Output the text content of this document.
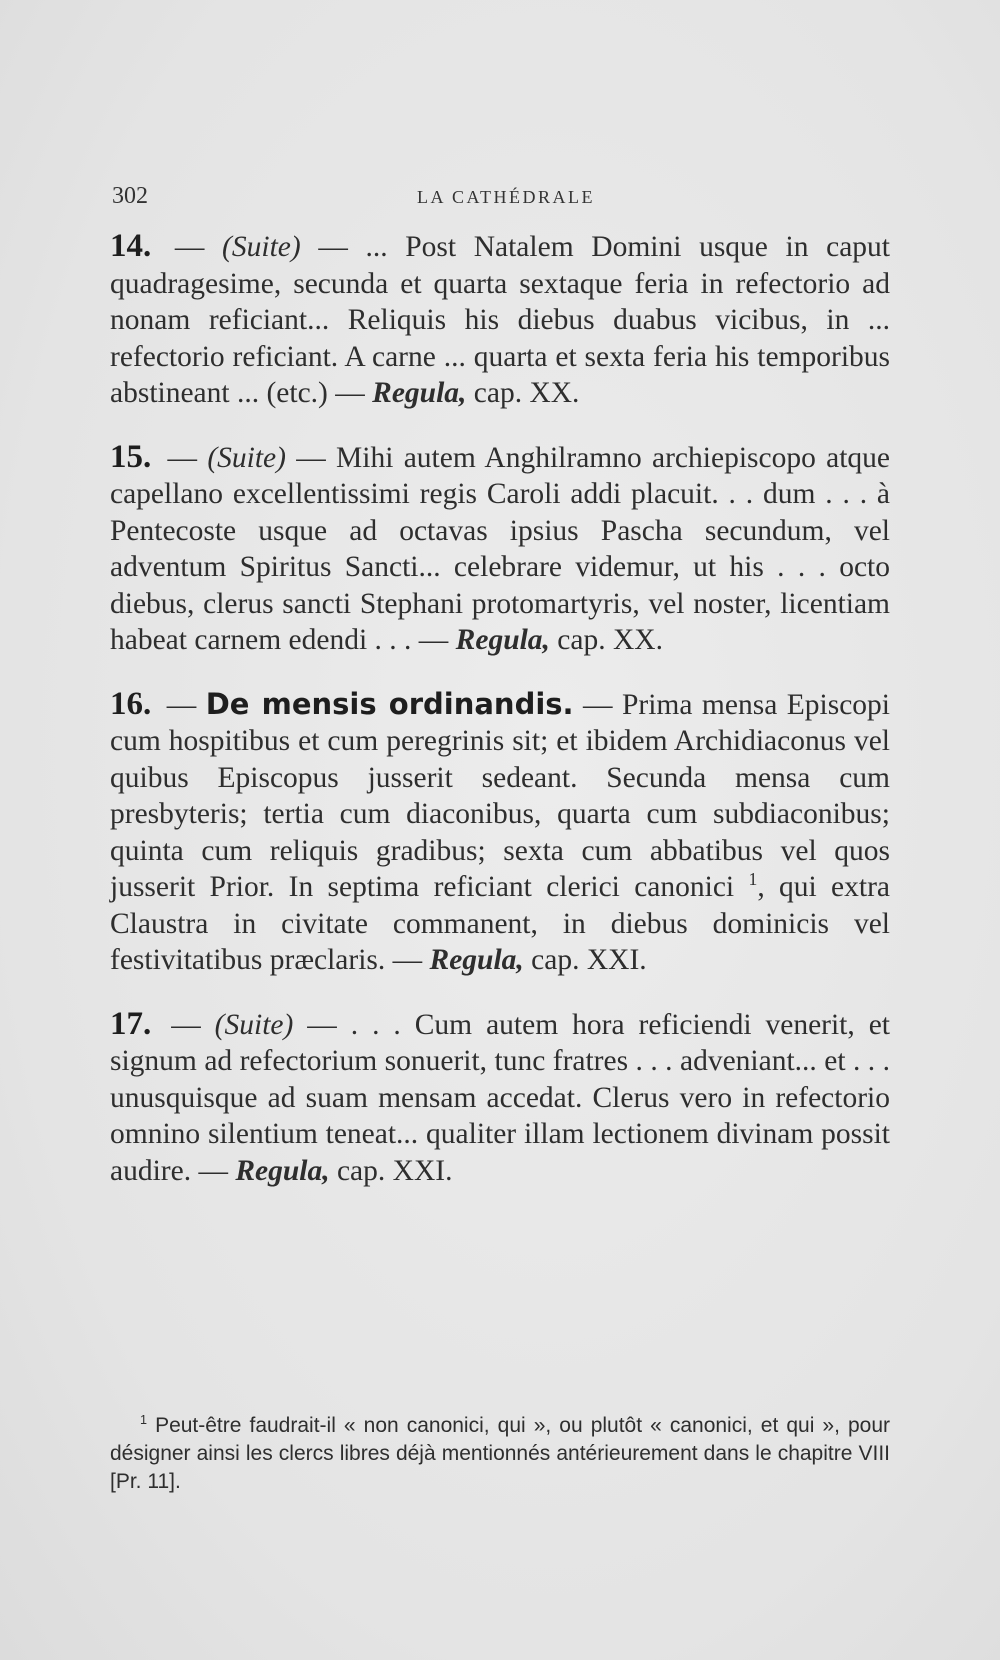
302	LA CATHÉDRALE

14. — (Suite) — ... Post Natalem Domini usque in caput quadragesime, secunda et quarta sextaque feria in refectorio ad nonam reficiant... Reliquis his diebus duabus vicibus, in ... refectorio reficiant. A carne ... quarta et sexta feria his temporibus abstineant ... (etc.) — Regula, cap. XX.

15. — (Suite) — Mihi autem Anghilramno archiepiscopo atque capellano excellentissimi regis Caroli addi placuit. . . dum . . . à Pentecoste usque ad octavas ipsius Pascha secundum, vel adventum Spiritus Sancti... celebrare videmur, ut his . . . octo diebus, clerus sancti Stephani protomartyris, vel noster, licentiam habeat carnem edendi . . . — Regula, cap. XX.

16. — De mensis ordinandis. — Prima mensa Episcopi cum hospitibus et cum peregrinis sit; et ibidem Archidiaconus vel quibus Episcopus jusserit sedeant. Secunda mensa cum presbyteris; tertia cum diaconibus, quarta cum subdiaconibus; quinta cum reliquis gradibus; sexta cum abbatibus vel quos jusserit Prior. In septima reficiant clerici canonici $^1$, qui extra Claustra in civitate commanent, in diebus dominicis vel festivitatibus præclaris. — Regula, cap. XXI.

17. — (Suite) — . . . Cum autem hora reficiendi venerit, et signum ad refectorium sonuerit, tunc fratres . . . adveniant... et . . . unusquisque ad suam mensam accedat. Clerus vero in refectorio omnino silentium teneat... qualiter illam lectionem divinam possit audire. — Regula, cap. XXI.

$^1$ Peut-être faudrait-il « non canonici, qui », ou plutôt « canonici, et qui », pour désigner ainsi les clercs libres déjà mentionnés antérieurement dans le chapitre VIII [Pr. 11].
